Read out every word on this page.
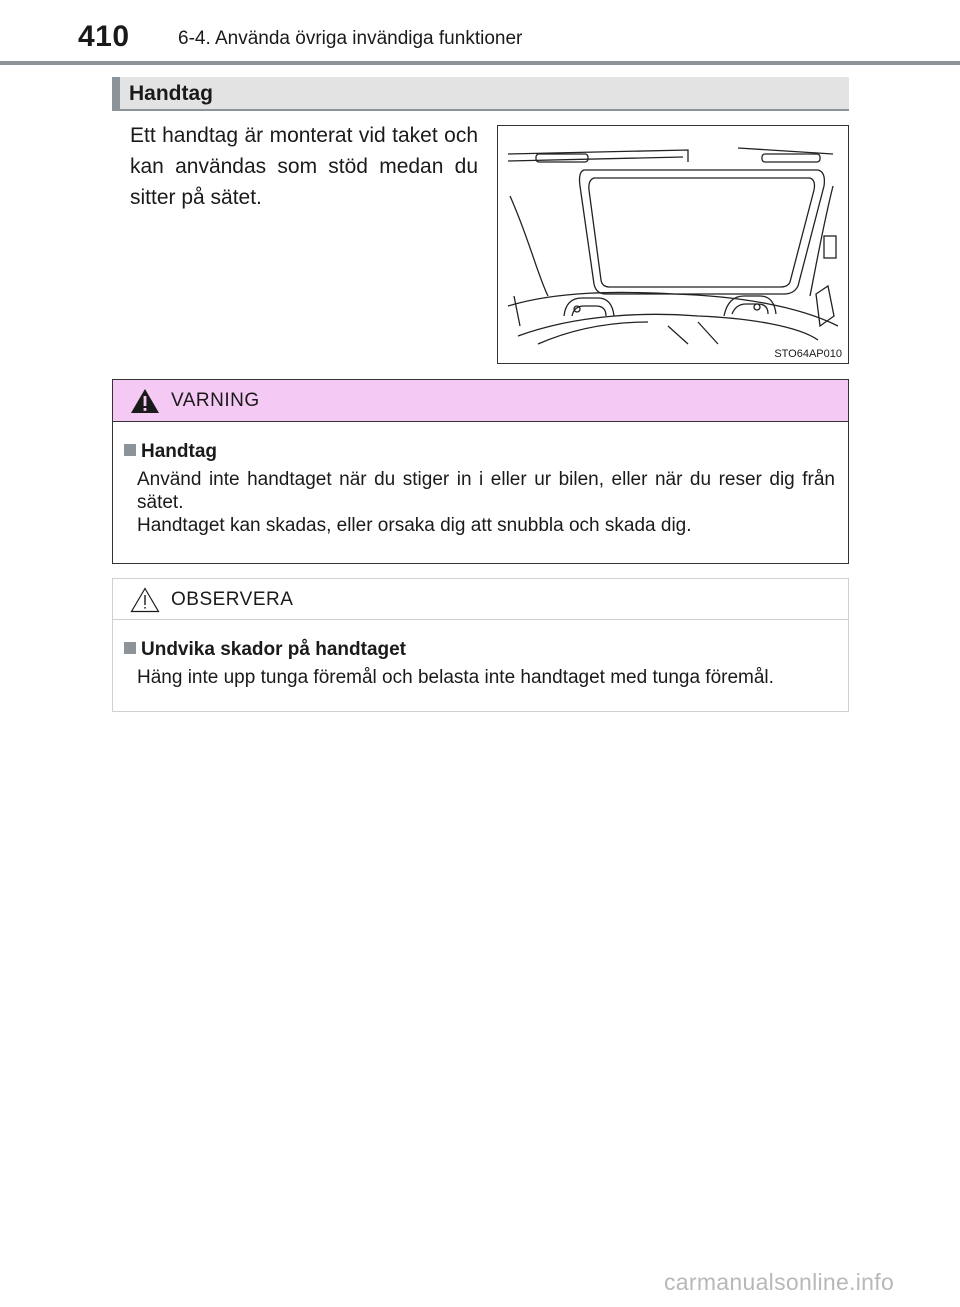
410	6-4. Använda övriga invändiga funktioner
Handtag
Ett handtag är monterat vid taket och kan användas som stöd medan du sitter på sätet.
STO64AP010
VARNING
Handtag

Använd inte handtaget när du stiger in i eller ur bilen, eller när du reser dig från sätet.

Handtaget kan skadas, eller orsaka dig att snubbla och skada dig.

OBSERVERA
Undvika skador på handtaget

Häng inte upp tunga föremål och belasta inte handtaget med tunga föremål.

carmanualsonline.info
